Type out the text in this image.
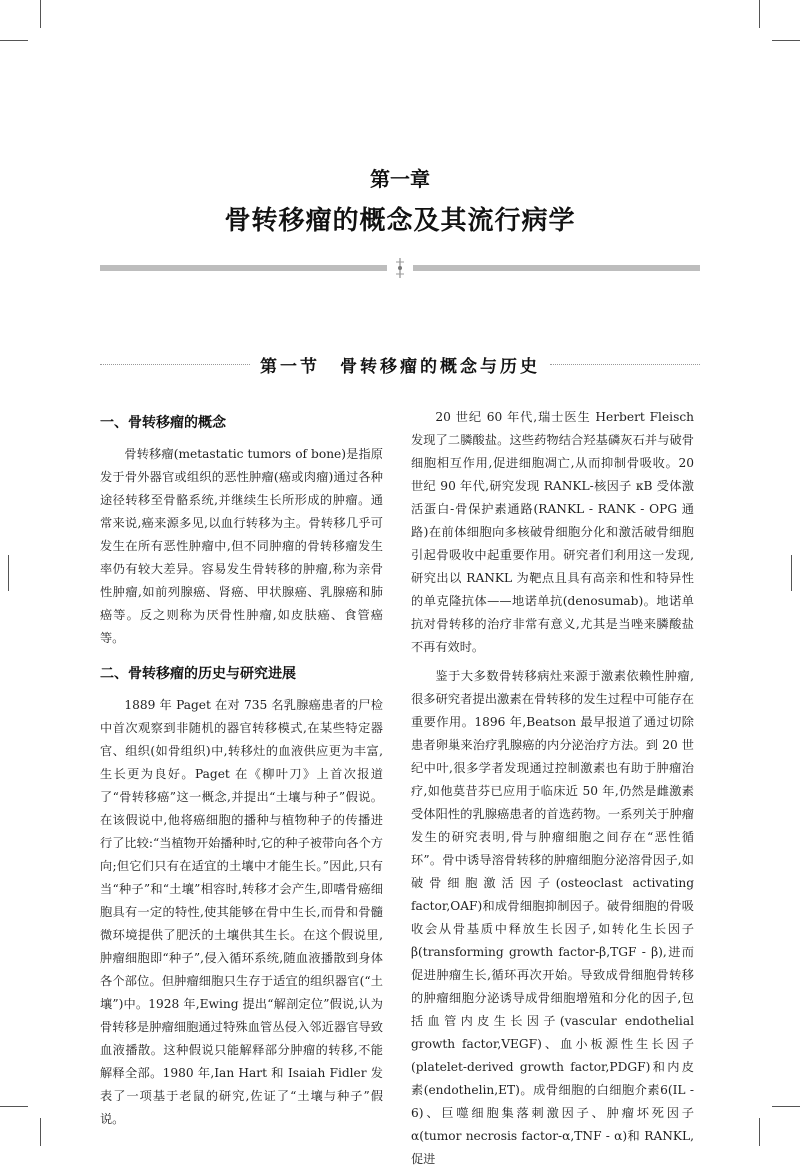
第一章
骨转移瘤的概念及其流行病学
第一节　骨转移瘤的概念与历史
一、骨转移瘤的概念

骨转移瘤(metastatic tumors of bone)是指原发于骨外器官或组织的恶性肿瘤(癌或肉瘤)通过各种途径转移至骨骼系统,并继续生长所形成的肿瘤。通常来说,癌来源多见,以血行转移为主。骨转移几乎可发生在所有恶性肿瘤中,但不同肿瘤的骨转移瘤发生率仍有较大差异。容易发生骨转移的肿瘤,称为亲骨性肿瘤,如前列腺癌、肾癌、甲状腺癌、乳腺癌和肺癌等。反之则称为厌骨性肿瘤,如皮肤癌、食管癌等。

二、骨转移瘤的历史与研究进展

1889 年 Paget 在对 735 名乳腺癌患者的尸检中首次观察到非随机的器官转移模式,在某些特定器官、组织(如骨组织)中,转移灶的血液供应更为丰富,生长更为良好。Paget 在《柳叶刀》上首次报道了“骨转移癌”这一概念,并提出“土壤与种子”假说。在该假说中,他将癌细胞的播种与植物种子的传播进行了比较:“当植物开始播种时,它的种子被带向各个方向;但它们只有在适宜的土壤中才能生长。”因此,只有当“种子”和“土壤”相容时,转移才会产生,即嗜骨癌细胞具有一定的特性,使其能够在骨中生长,而骨和骨髓微环境提供了肥沃的土壤供其生长。在这个假说里,肿瘤细胞即“种子”,侵入循环系统,随血液播散到身体各个部位。但肿瘤细胞只生存于适宜的组织器官(“土壤”)中。1928 年,Ewing 提出“解剖定位”假说,认为骨转移是肿瘤细胞通过特殊血管丛侵入邻近器官导致血液播散。这种假说只能解释部分肿瘤的转移,不能解释全部。1980 年,Ian Hart 和 Isaiah Fidler 发表了一项基于老鼠的研究,佐证了“土壤与种子”假说。

20 世纪 60 年代,瑞士医生 Herbert Fleisch 发现了二膦酸盐。这些药物结合羟基磷灰石并与破骨细胞相互作用,促进细胞凋亡,从而抑制骨吸收。20 世纪 90 年代,研究发现 RANKL-核因子 κB 受体激活蛋白-骨保护素通路(RANKL - RANK - OPG 通路)在前体细胞向多核破骨细胞分化和激活破骨细胞引起骨吸收中起重要作用。研究者们利用这一发现,研究出以 RANKL 为靶点且具有高亲和性和特异性的单克隆抗体——地诺单抗(denosumab)。地诺单抗对骨转移的治疗非常有意义,尤其是当唑来膦酸盐不再有效时。

鉴于大多数骨转移病灶来源于激素依赖性肿瘤,很多研究者提出激素在骨转移的发生过程中可能存在重要作用。1896 年,Beatson 最早报道了通过切除患者卵巢来治疗乳腺癌的内分泌治疗方法。到 20 世纪中叶,很多学者发现通过控制激素也有助于肿瘤治疗,如他莫昔芬已应用于临床近 50 年,仍然是雌激素受体阳性的乳腺癌患者的首选药物。一系列关于肿瘤发生的研究表明,骨与肿瘤细胞之间存在“恶性循环”。骨中诱导溶骨转移的肿瘤细胞分泌溶骨因子,如破骨细胞激活因子(osteoclast activating factor,OAF)和成骨细胞抑制因子。破骨细胞的骨吸收会从骨基质中释放生长因子,如转化生长因子 β(transforming growth factor-β,TGF - β),进而促进肿瘤生长,循环再次开始。导致成骨细胞骨转移的肿瘤细胞分泌诱导成骨细胞增殖和分化的因子,包括血管内皮生长因子(vascular endothelial growth factor,VEGF)、血小板源性生长因子(platelet-derived growth factor,PDGF)和内皮素(endothelin,ET)。成骨细胞的白细胞介素6(IL - 6)、巨噬细胞集落刺激因子、肿瘤坏死因子 α(tumor necrosis factor-α,TNF - α)和 RANKL,促进
